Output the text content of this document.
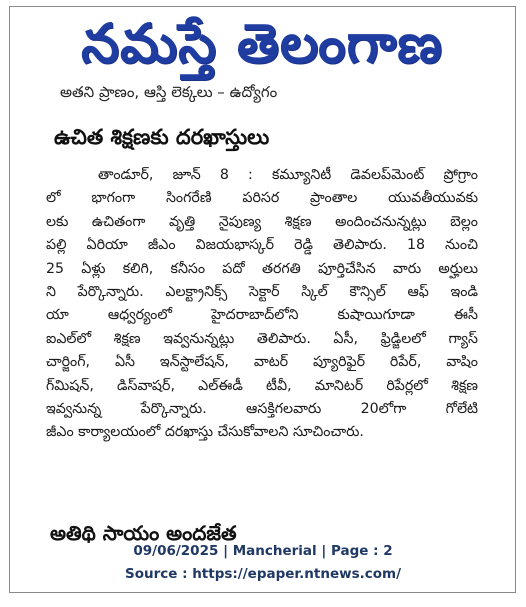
నమస్తే తెలంగాణ
అతని ప్రాణం, ఆస్తి లెక్కలు – ఉద్యోగం
ఉచిత శిక్షణకు దరఖాస్తులు
తాండూర్, జూన్ 8 : కమ్యూనిటీ డెవలప్‌మెంట్ ప్రోగ్రాం
లో భాగంగా సింగరేణి పరిసర ప్రాంతాల యువతీయువకు
లకు ఉచితంగా వృత్తి నైపుణ్య శిక్షణ అందించనున్నట్లు బెల్లం
పల్లి ఏరియా జీఎం విజయభాస్కర్ రెడ్డి తెలిపారు. 18 నుంచి
25 ఏళ్లు కలిగి, కనీసం పదో తరగతి పూర్తిచేసిన వారు అర్హులు
ని పేర్కొన్నారు. ఎలక్ట్రానిక్స్ సెక్టార్ స్కిల్ కౌన్సిల్ ఆఫ్ ఇండి
యా ఆధ్వర్యంలో హైదరాబాద్‌లోని కుషాయిగూడా ఈసీ
ఐఎల్‌లో శిక్షణ ఇవ్వనున్నట్లు తెలిపారు. ఏసీ, ఫ్రిడ్జిలలో గ్యాస్
చార్జింగ్, ఏసీ ఇన్‌స్టాలేషన్, వాటర్ ప్యూరిఫైర్ రిపేర్, వాషిం
గ్‌మిషన్, డిస్‌వాషర్, ఎల్ఈడీ టీవీ, మానిటర్ రిపేర్లలో శిక్షణ
ఇవ్వనున్న పేర్కొన్నారు. ఆసక్తిగలవారు 20లోగా గోలేటి
జీఎం కార్యాలయంలో దరఖాస్తు చేసుకోవాలని సూచించారు.
అతిథి సాయం అందజేత
09/06/2025 | Mancherial | Page : 2
Source : https://epaper.ntnews.com/
